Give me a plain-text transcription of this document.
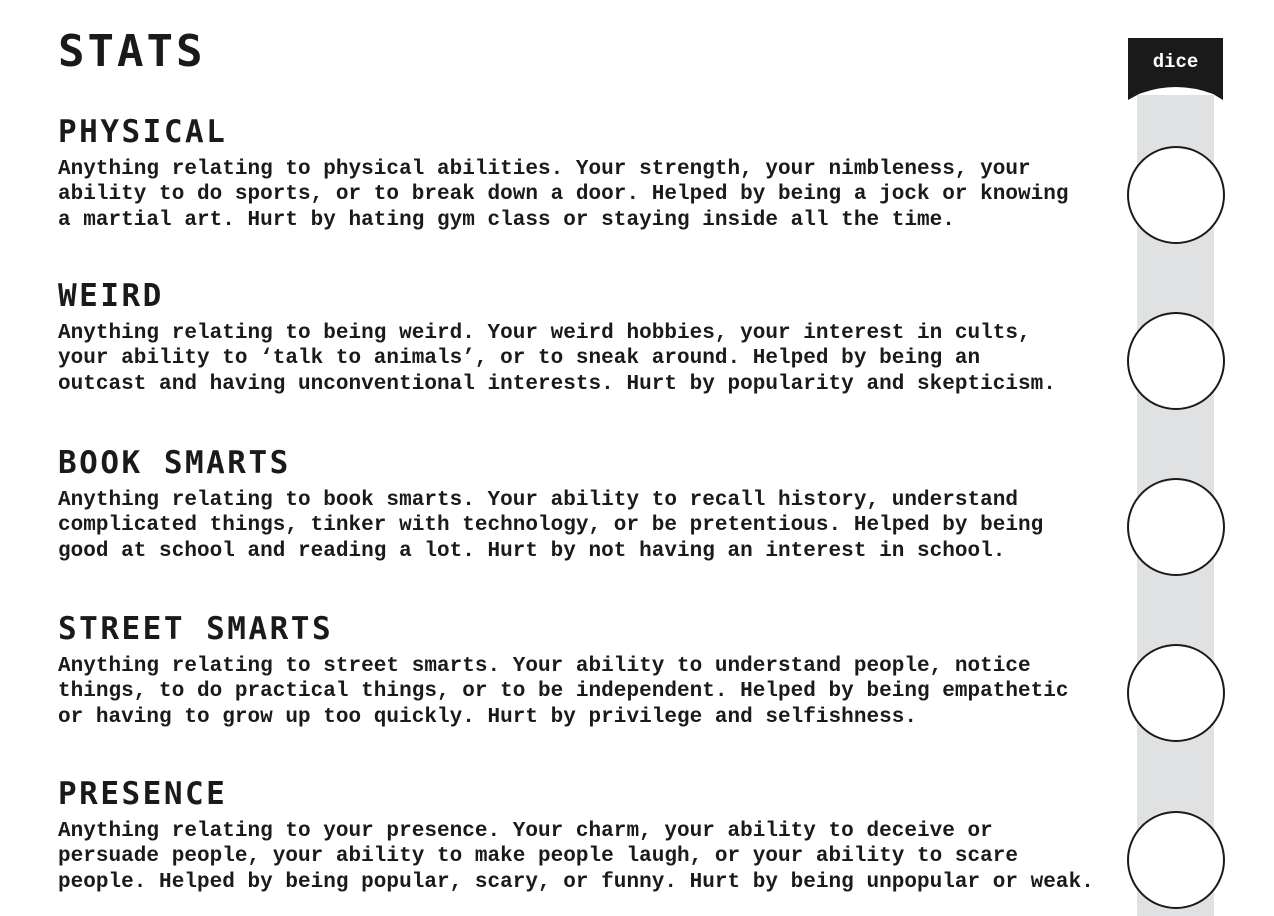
STATS
PHYSICAL

Anything relating to physical abilities. Your strength, your nimbleness, your
ability to do sports, or to break down a door. Helped by being a jock or knowing
a martial art. Hurt by hating gym class or staying inside all the time.

WEIRD

Anything relating to being weird. Your weird hobbies, your interest in cults,
your ability to ‘talk to animals’, or to sneak around. Helped by being an
outcast and having unconventional interests. Hurt by popularity and skepticism.

BOOK SMARTS

Anything relating to book smarts. Your ability to recall history, understand
complicated things, tinker with technology, or be pretentious. Helped by being
good at school and reading a lot. Hurt by not having an interest in school.

STREET SMARTS

Anything relating to street smarts. Your ability to understand people, notice
things, to do practical things, or to be independent. Helped by being empathetic
or having to grow up too quickly. Hurt by privilege and selfishness.

PRESENCE

Anything relating to your presence. Your charm, your ability to deceive or
persuade people, your ability to make people laugh, or your ability to scare
people. Helped by being popular, scary, or funny. Hurt by being unpopular or weak.

dice
